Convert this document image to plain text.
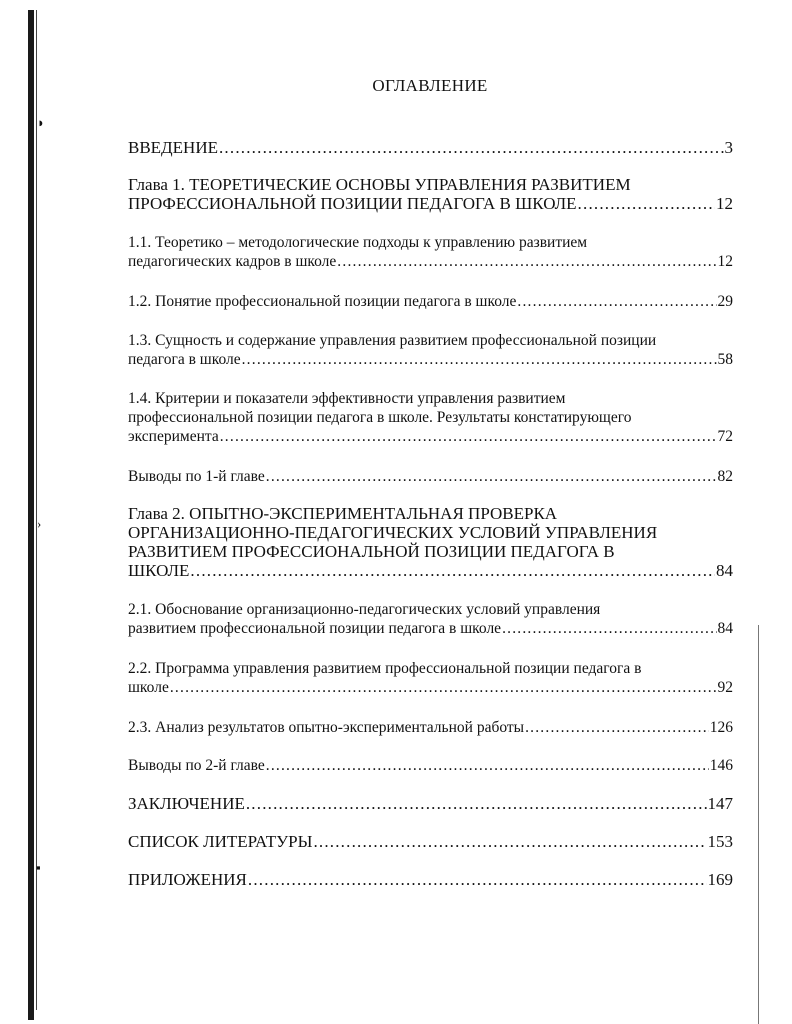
◗
›
▪
ОГЛАВЛЕНИЕ
ВВЕДЕНИЕ .....	3
Глава 1. ТЕОРЕТИЧЕСКИЕ ОСНОВЫ УПРАВЛЕНИЯ РАЗВИТИЕМ
ПРОФЕССИОНАЛЬНОЙ ПОЗИЦИИ ПЕДАГОГА В ШКОЛЕ .....	12
1.1. Теоретико – методологические подходы к управлению развитием
педагогических кадров в школе .....	12
1.2. Понятие профессиональной позиции педагога в школе .....	29
1.3. Сущность и содержание управления развитием профессиональной позиции
педагога в школе .....	58
1.4. Критерии и показатели эффективности управления развитием
профессиональной позиции педагога в школе. Результаты констатирующего
эксперимента .....	72
Выводы по 1-й главе .....	82
Глава 2. ОПЫТНО-ЭКСПЕРИМЕНТАЛЬНАЯ ПРОВЕРКА
ОРГАНИЗАЦИОННО-ПЕДАГОГИЧЕСКИХ УСЛОВИЙ УПРАВЛЕНИЯ
РАЗВИТИЕМ ПРОФЕССИОНАЛЬНОЙ ПОЗИЦИИ ПЕДАГОГА В
ШКОЛЕ .....	84
2.1. Обоснование организационно-педагогических условий управления
развитием профессиональной позиции педагога в школе .....	84
2.2. Программа управления развитием профессиональной позиции педагога в
школе .....	92
2.3. Анализ результатов опытно-экспериментальной работы .....	126
Выводы по 2-й главе .....	146
ЗАКЛЮЧЕНИЕ .....	147
СПИСОК ЛИТЕРАТУРЫ .....	153
ПРИЛОЖЕНИЯ .....	169
